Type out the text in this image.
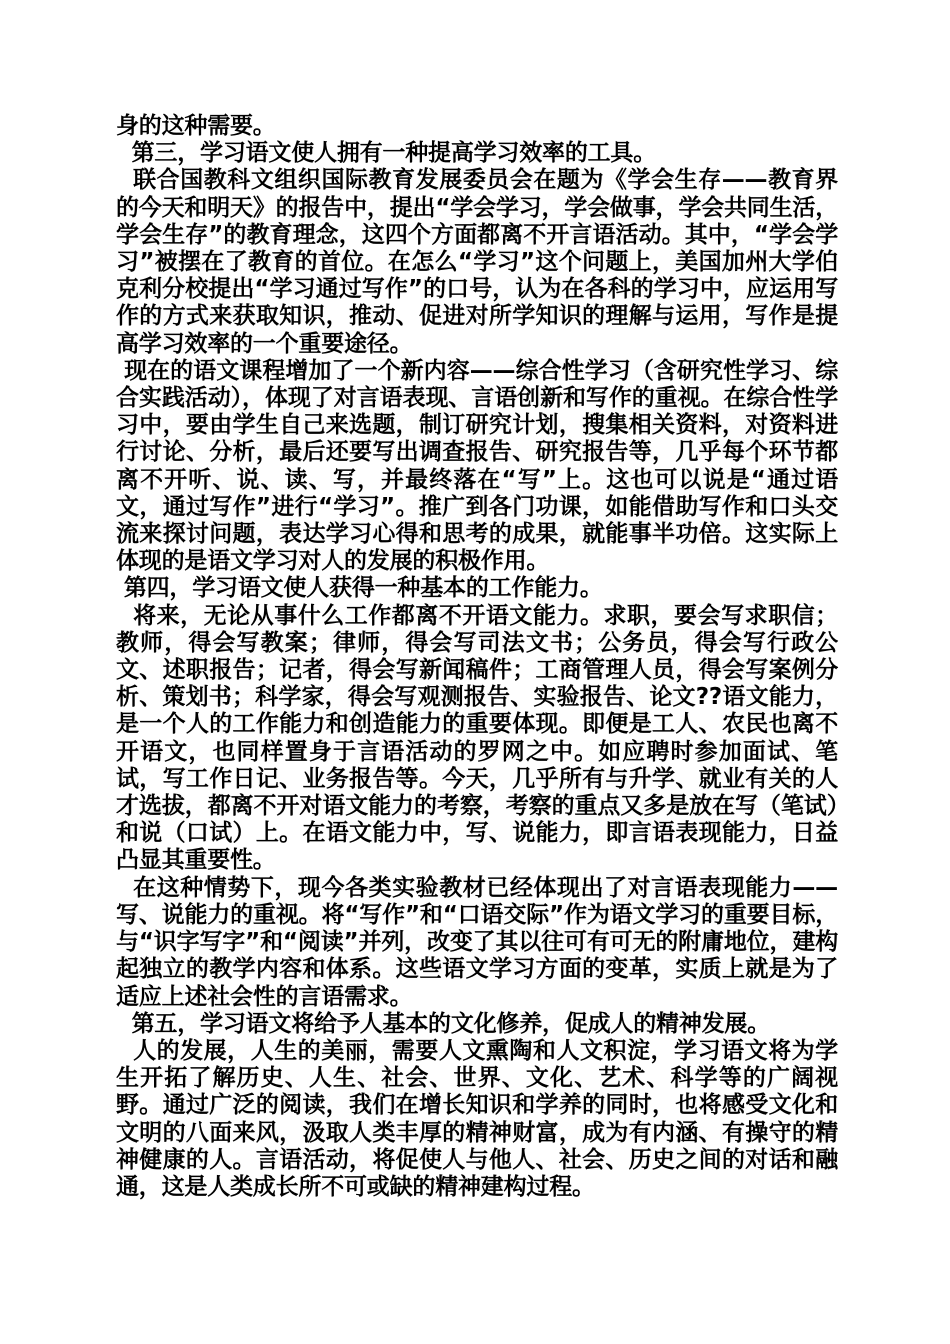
身的这种需要。

第三，学习语文使人拥有一种提高学习效率的工具。

联合国教科文组织国际教育发展委员会在题为《学会生存——教育界的今天和明天》的报告中，提出“学会学习，学会做事，学会共同生活，学会生存”的教育理念，这四个方面都离不开言语活动。其中，“学会学习”被摆在了教育的首位。在怎么“学习”这个问题上，美国加州大学伯克利分校提出“学习通过写作”的口号，认为在各科的学习中，应运用写作的方式来获取知识，推动、促进对所学知识的理解与运用，写作是提高学习效率的一个重要途径。

现在的语文课程增加了一个新内容——综合性学习（含研究性学习、综合实践活动），体现了对言语表现、言语创新和写作的重视。在综合性学习中，要由学生自己来选题，制订研究计划，搜集相关资料，对资料进行讨论、分析，最后还要写出调查报告、研究报告等，几乎每个环节都离不开听、说、读、写，并最终落在“写”上。这也可以说是“通过语文，通过写作”进行“学习”。推广到各门功课，如能借助写作和口头交流来探讨问题，表达学习心得和思考的成果，就能事半功倍。这实际上体现的是语文学习对人的发展的积极作用。

第四，学习语文使人获得一种基本的工作能力。

将来，无论从事什么工作都离不开语文能力。求职，要会写求职信；教师，得会写教案；律师，得会写司法文书；公务员，得会写行政公文、述职报告；记者，得会写新闻稿件；工商管理人员，得会写案例分析、策划书；科学家，得会写观测报告、实验报告、论文??语文能力，是一个人的工作能力和创造能力的重要体现。即便是工人、农民也离不开语文，也同样置身于言语活动的罗网之中。如应聘时参加面试、笔试，写工作日记、业务报告等。今天，几乎所有与升学、就业有关的人才选拔，都离不开对语文能力的考察，考察的重点又多是放在写（笔试）和说（口试）上。在语文能力中，写、说能力，即言语表现能力，日益凸显其重要性。

在这种情势下，现今各类实验教材已经体现出了对言语表现能力——写、说能力的重视。将“写作”和“口语交际”作为语文学习的重要目标，与“识字写字”和“阅读”并列，改变了其以往可有可无的附庸地位，建构起独立的教学内容和体系。这些语文学习方面的变革，实质上就是为了适应上述社会性的言语需求。

第五，学习语文将给予人基本的文化修养，促成人的精神发展。

人的发展，人生的美丽，需要人文熏陶和人文积淀，学习语文将为学生开拓了解历史、人生、社会、世界、文化、艺术、科学等的广阔视野。通过广泛的阅读，我们在增长知识和学养的同时，也将感受文化和文明的八面来风，汲取人类丰厚的精神财富，成为有内涵、有操守的精神健康的人。言语活动，将促使人与他人、社会、历史之间的对话和融通，这是人类成长所不可或缺的精神建构过程。
